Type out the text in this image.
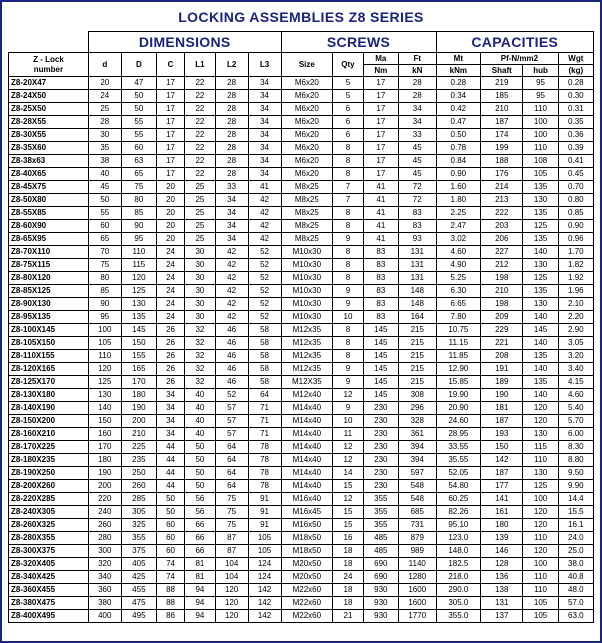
LOCKING ASSEMBLIES Z8 SERIES
	DIMENSIONS						SCREWS				CAPACITIES			

Z - Lock
number	d	D	C	L1	L2	L3	Size	Qty	Ma	Ft	Mt	Pf-N/mm2		Wgt
									Nm	kN	kNm	Shaft	hub	(kg)
Z8-20X47	20	47	17	22	28	34	M6x20	5	17	28	0.28	219	95	0.28
Z8-24X50	24	50	17	22	28	34	M6x20	5	17	28	0.34	185	95	0.30
Z8-25X50	25	50	17	22	28	34	M6x20	6	17	34	0.42	210	110	0.31
Z8-28X55	28	55	17	22	28	34	M6x20	6	17	34	0.47	187	100	0.35
Z8-30X55	30	55	17	22	28	34	M6x20	6	17	33	0.50	174	100	0.36
Z8-35X60	35	60	17	22	28	34	M6x20	8	17	45	0.78	199	110	0.39
Z8-38x63	38	63	17	22	28	34	M6x20	8	17	45	0.84	188	108	0.41
Z8-40X65	40	65	17	22	28	34	M6x20	8	17	45	0.90	176	105	0.45
Z8-45X75	45	75	20	25	33	41	M8x25	7	41	72	1.60	214	135	0.70
Z8-50X80	50	80	20	25	34	42	M8x25	7	41	72	1.80	213	130	0.80
Z8-55X85	55	85	20	25	34	42	M8x25	8	41	83	2.25	222	135	0.85
Z8-60X90	60	90	20	25	34	42	M8x25	8	41	83	2.47	203	125	0.90
Z8-65X95	65	95	20	25	34	42	M8x25	9	41	93	3.02	206	135	0.96
Z8-70X110	70	110	24	30	42	52	M10x30	8	83	131	4.60	227	140	1.70
Z8-75X115	75	115	24	30	42	52	M10x30	8	83	131	4.90	212	130	1.82
Z8-80X120	80	120	24	30	42	52	M10x30	8	83	131	5.25	198	125	1.92
Z8-85X125	85	125	24	30	42	52	M10x30	9	83	148	6.30	210	135	1.96
Z8-90X130	90	130	24	30	42	52	M10x30	9	83	148	6.65	198	130	2.10
Z8-95X135	95	135	24	30	42	52	M10x30	10	83	164	7.80	209	140	2.20
Z8-100X145	100	145	26	32	46	58	M12x35	8	145	215	10.75	229	145	2.90
Z8-105X150	105	150	26	32	46	58	M12x35	8	145	215	11.15	221	140	3.05
Z8-110X155	110	155	26	32	46	58	M12x35	8	145	215	11.85	208	135	3.20
Z8-120X165	120	165	26	32	46	58	M12x35	9	145	215	12.90	191	140	3.40
Z8-125X170	125	170	26	32	46	58	M12X35	9	145	215	15.85	189	135	4.15
Z8-130X180	130	180	34	40	52	64	M12x40	12	145	308	19.90	190	140	4.60
Z8-140X190	140	190	34	40	57	71	M14x40	9	230	296	20.90	181	120	5.40
Z8-150X200	150	200	34	40	57	71	M14x40	10	230	328	24.60	187	120	5.70
Z8-160X210	160	210	34	40	57	71	M14x40	11	230	361	28.95	193	130	6.00
Z8-170X225	170	225	44	50	64	78	M14x40	12	230	394	33.55	150	115	8.30
Z8-180X235	180	235	44	50	64	78	M14x40	12	230	394	35.55	142	110	8.80
Z8-190X250	190	250	44	50	64	78	M14x40	14	230	597	52.05	187	130	9.50
Z8-200X260	200	260	44	50	64	78	M14x40	15	230	548	54.80	177	125	9.90
Z8-220X285	220	285	50	56	75	91	M16x40	12	355	548	60.25	141	100	14.4
Z8-240X305	240	305	50	56	75	91	M16x45	15	355	685	82.26	161	120	15.5
Z8-260X325	260	325	60	66	75	91	M16x50	15	355	731	95.10	180	120	16.1
Z8-280X355	280	355	60	66	87	105	M18x50	16	485	879	123.0	139	110	24.0
Z8-300X375	300	375	60	66	87	105	M18x50	18	485	989	148.0	146	120	25.0
Z8-320X405	320	405	74	81	104	124	M20x50	18	690	1140	182.5	128	100	38.0
Z8-340X425	340	425	74	81	104	124	M20x50	24	690	1280	218.0	136	110	40.8
Z8-360X455	360	455	88	94	120	142	M22x60	18	930	1600	290.0	138	110	48.0
Z8-380X475	380	475	88	94	120	142	M22x60	18	930	1600	305.0	131	105	57.0
Z8-400X495	400	495	86	94	120	142	M22x60	21	930	1770	355.0	137	105	63.0
